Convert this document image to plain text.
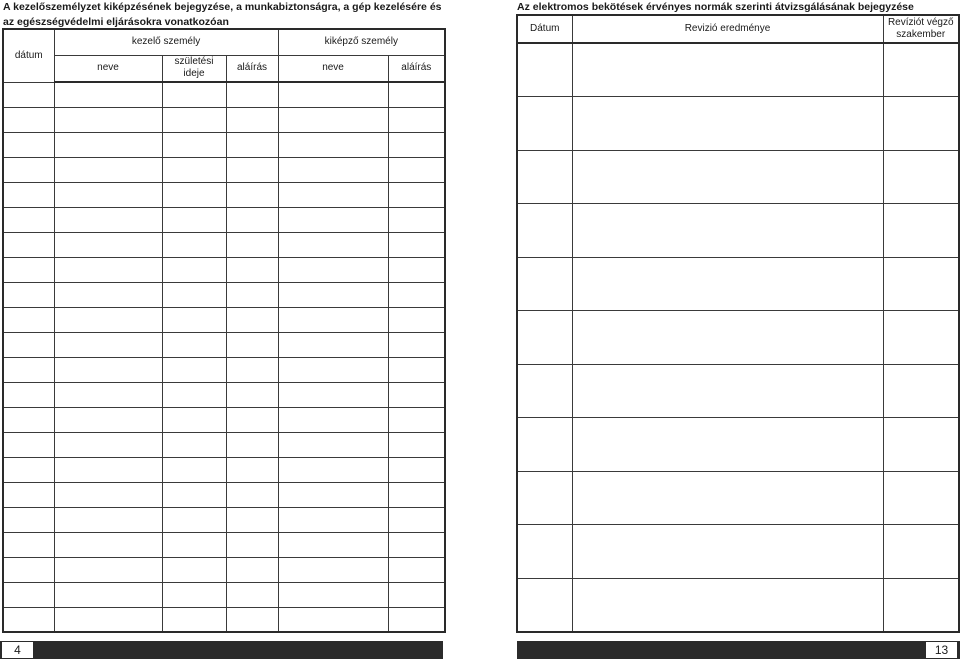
A kezelőszemélyzet kiképzésének bejegyzése, a munkabiztonságra, a gép kezelésére és az egészségvédelmi eljárásokra vonatkozóan
dátum	kezelő személy			kiképző személy	
	neve	születési ideje	aláírás	neve	aláírás

Az elektromos bekötések érvényes normák szerinti átvizsgálásának bejegyzése
Dátum	Revizió eredménye	Revíziót végző szakember

4	13
